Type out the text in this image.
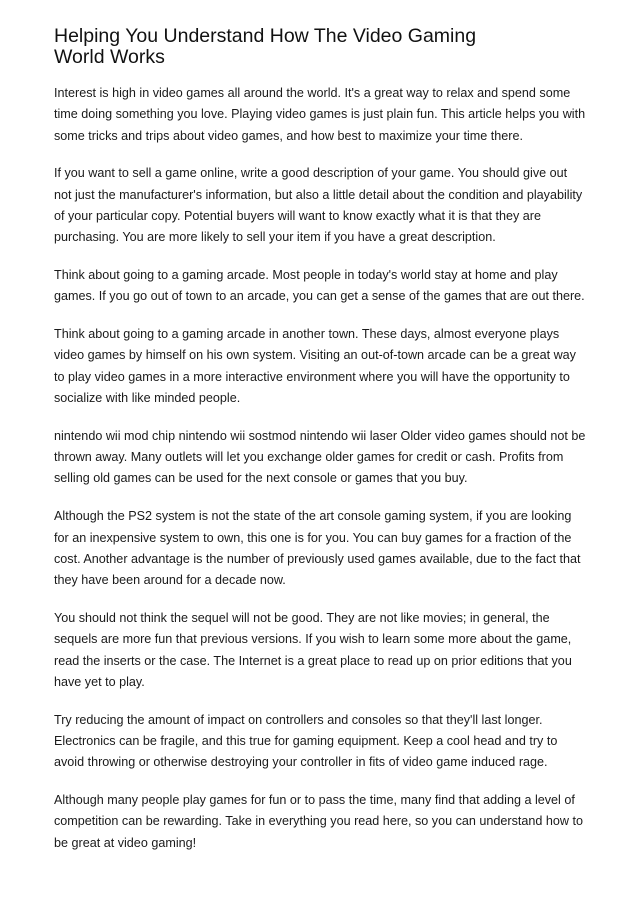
Helping You Understand How The Video Gaming World Works

Interest is high in video games all around the world. It's a great way to relax and spend some time doing something you love. Playing video games is just plain fun. This article helps you with some tricks and trips about video games, and how best to maximize your time there.

If you want to sell a game online, write a good description of your game. You should give out not just the manufacturer's information, but also a little detail about the condition and playability of your particular copy. Potential buyers will want to know exactly what it is that they are purchasing. You are more likely to sell your item if you have a great description.

Think about going to a gaming arcade. Most people in today's world stay at home and play games. If you go out of town to an arcade, you can get a sense of the games that are out there.

Think about going to a gaming arcade in another town. These days, almost everyone plays video games by himself on his own system. Visiting an out-of-town arcade can be a great way to play video games in a more interactive environment where you will have the opportunity to socialize with like minded people.

nintendo wii mod chip nintendo wii sostmod nintendo wii laser Older video games should not be thrown away. Many outlets will let you exchange older games for credit or cash. Profits from selling old games can be used for the next console or games that you buy.

Although the PS2 system is not the state of the art console gaming system, if you are looking for an inexpensive system to own, this one is for you. You can buy games for a fraction of the cost. Another advantage is the number of previously used games available, due to the fact that they have been around for a decade now.

You should not think the sequel will not be good. They are not like movies; in general, the sequels are more fun that previous versions. If you wish to learn some more about the game, read the inserts or the case. The Internet is a great place to read up on prior editions that you have yet to play.

Try reducing the amount of impact on controllers and consoles so that they'll last longer. Electronics can be fragile, and this true for gaming equipment. Keep a cool head and try to avoid throwing or otherwise destroying your controller in fits of video game induced rage.

Although many people play games for fun or to pass the time, many find that adding a level of competition can be rewarding. Take in everything you read here, so you can understand how to be great at video gaming!
